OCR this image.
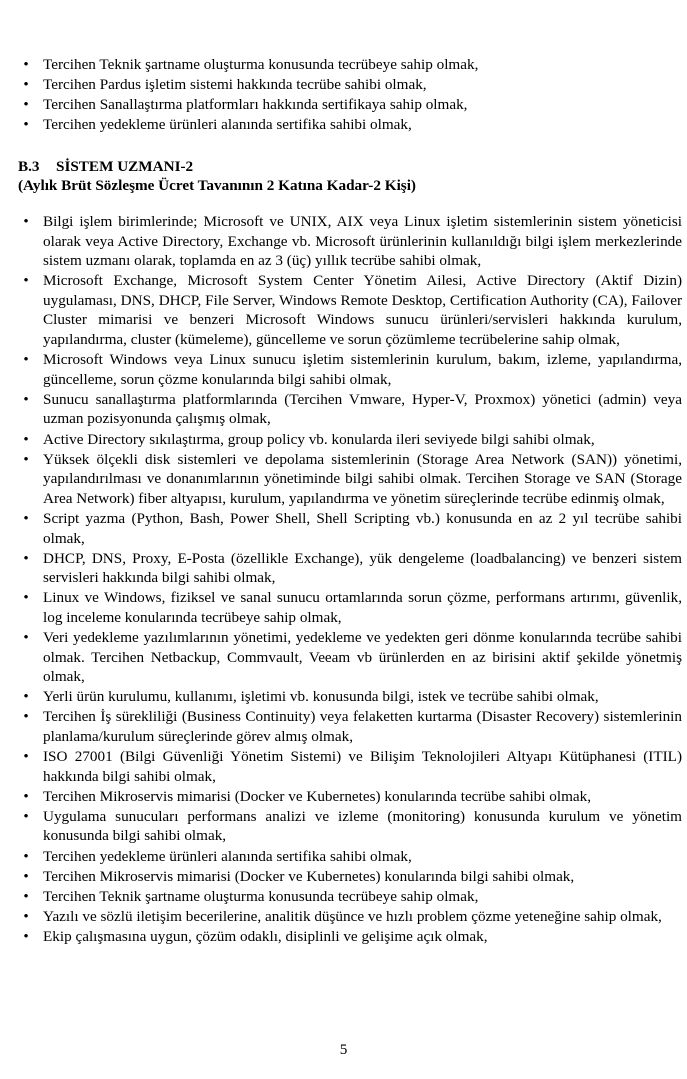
• Tercihen Teknik şartname oluşturma konusunda tecrübeye sahip olmak,
• Tercihen Pardus işletim sistemi hakkında tecrübe sahibi olmak,
• Tercihen Sanallaştırma platformları hakkında sertifikaya sahip olmak,
• Tercihen yedekleme ürünleri alanında sertifika sahibi olmak,
B.3 SİSTEM UZMANI-2
(Aylık Brüt Sözleşme Ücret Tavanının 2 Katına Kadar-2 Kişi)
• Bilgi işlem birimlerinde; Microsoft ve UNIX, AIX veya Linux işletim sistemlerinin sistem yöneticisi olarak veya Active Directory, Exchange vb. Microsoft ürünlerinin kullanıldığı bilgi işlem merkezlerinde sistem uzmanı olarak, toplamda en az 3 (üç) yıllık tecrübe sahibi olmak,
• Microsoft Exchange, Microsoft System Center Yönetim Ailesi, Active Directory (Aktif Dizin) uygulaması, DNS, DHCP, File Server, Windows Remote Desktop, Certification Authority (CA), Failover Cluster mimarisi ve benzeri Microsoft Windows sunucu ürünleri/servisleri hakkında kurulum, yapılandırma, cluster (kümeleme), güncelleme ve sorun çözümleme tecrübelerine sahip olmak,
• Microsoft Windows veya Linux sunucu işletim sistemlerinin kurulum, bakım, izleme, yapılandırma, güncelleme, sorun çözme konularında bilgi sahibi olmak,
• Sunucu sanallaştırma platformlarında (Tercihen Vmware, Hyper-V, Proxmox) yönetici (admin) veya uzman pozisyonunda çalışmış olmak,
• Active Directory sıkılaştırma, group policy vb. konularda ileri seviyede bilgi sahibi olmak,
• Yüksek ölçekli disk sistemleri ve depolama sistemlerinin (Storage Area Network (SAN)) yönetimi, yapılandırılması ve donanımlarının yönetiminde bilgi sahibi olmak. Tercihen Storage ve SAN (Storage Area Network) fiber altyapısı, kurulum, yapılandırma ve yönetim süreçlerinde tecrübe edinmiş olmak,
• Script yazma (Python, Bash, Power Shell, Shell Scripting vb.) konusunda en az 2 yıl tecrübe sahibi olmak,
• DHCP, DNS, Proxy, E-Posta (özellikle Exchange), yük dengeleme (loadbalancing) ve benzeri sistem servisleri hakkında bilgi sahibi olmak,
• Linux ve Windows, fiziksel ve sanal sunucu ortamlarında sorun çözme, performans artırımı, güvenlik, log inceleme konularında tecrübeye sahip olmak,
• Veri yedekleme yazılımlarının yönetimi, yedekleme ve yedekten geri dönme konularında tecrübe sahibi olmak. Tercihen Netbackup, Commvault, Veeam vb ürünlerden en az birisini aktif şekilde yönetmiş olmak,
• Yerli ürün kurulumu, kullanımı, işletimi vb. konusunda bilgi, istek ve tecrübe sahibi olmak,
• Tercihen İş sürekliliği (Business Continuity) veya felaketten kurtarma (Disaster Recovery) sistemlerinin planlama/kurulum süreçlerinde görev almış olmak,
• ISO 27001 (Bilgi Güvenliği Yönetim Sistemi) ve Bilişim Teknolojileri Altyapı Kütüphanesi (ITIL) hakkında bilgi sahibi olmak,
• Tercihen Mikroservis mimarisi (Docker ve Kubernetes) konularında tecrübe sahibi olmak,
• Uygulama sunucuları performans analizi ve izleme (monitoring) konusunda kurulum ve yönetim konusunda bilgi sahibi olmak,
• Tercihen yedekleme ürünleri alanında sertifika sahibi olmak,
• Tercihen Mikroservis mimarisi (Docker ve Kubernetes) konularında bilgi sahibi olmak,
• Tercihen Teknik şartname oluşturma konusunda tecrübeye sahip olmak,
• Yazılı ve sözlü iletişim becerilerine, analitik düşünce ve hızlı problem çözme yeteneğine sahip olmak,
• Ekip çalışmasına uygun, çözüm odaklı, disiplinli ve gelişime açık olmak,
5
